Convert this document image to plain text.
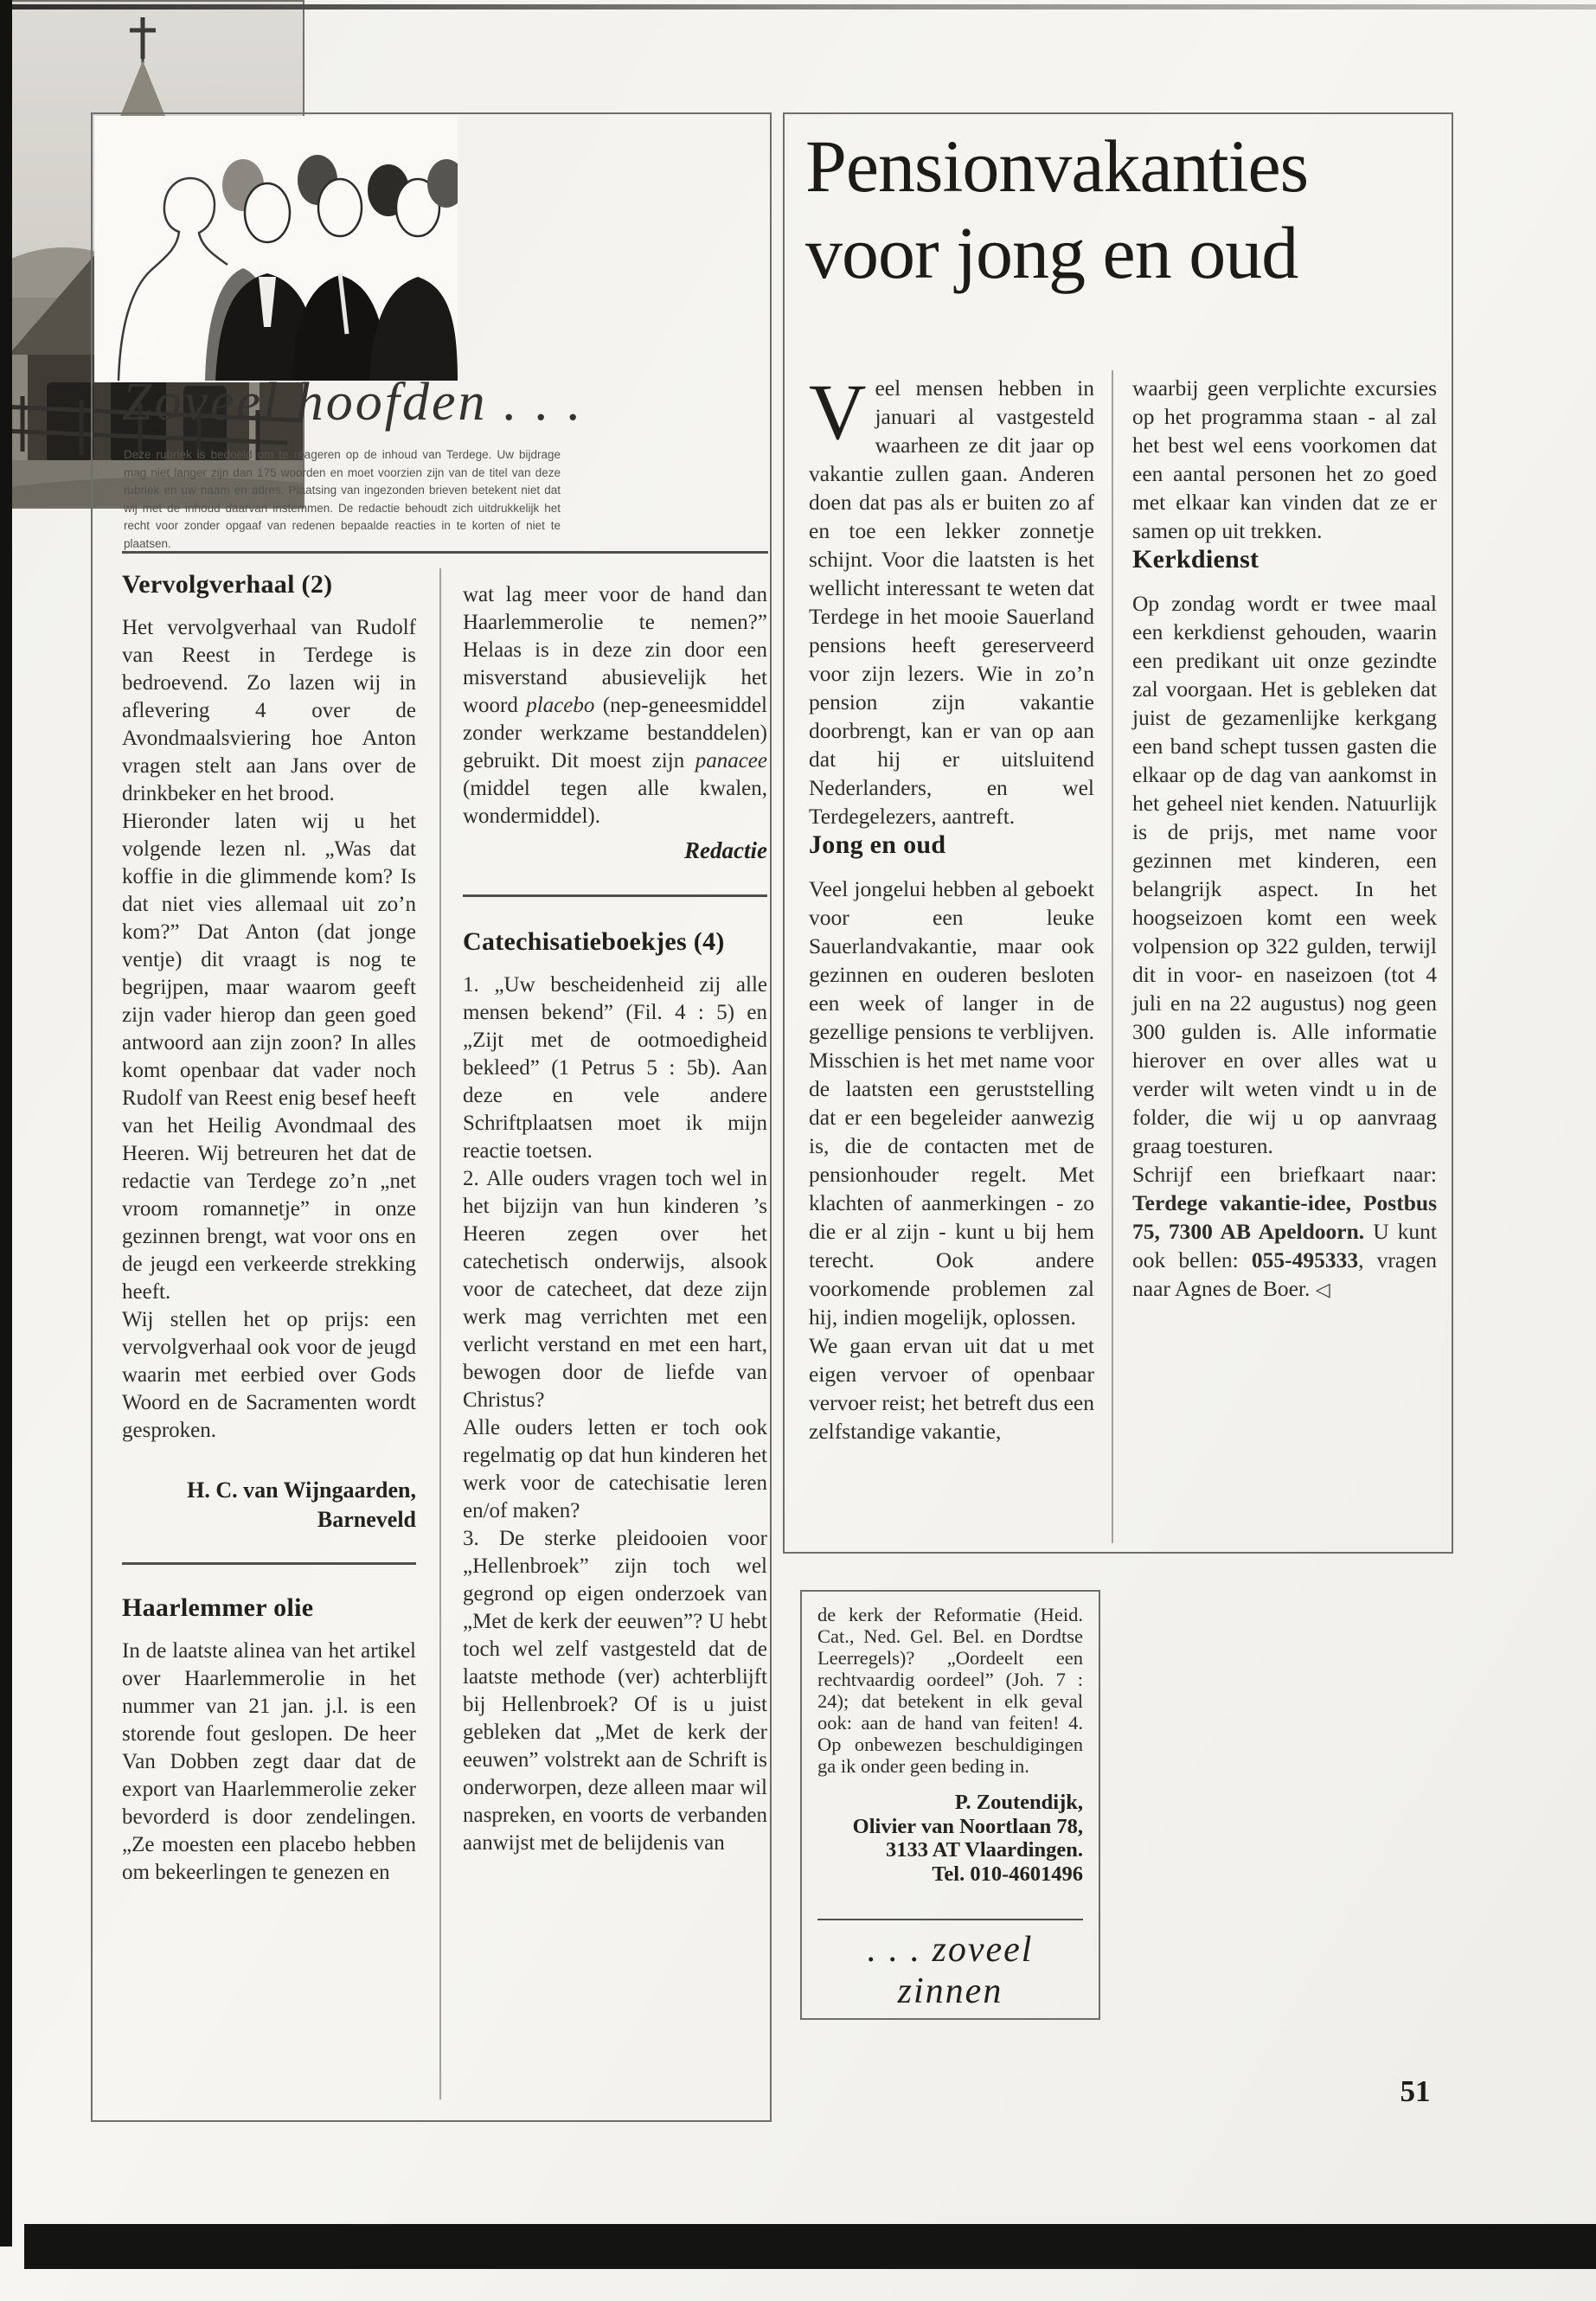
Zoveel hoofden . . .

Deze rubriek is bedoeld om te reageren op de inhoud van Terdege. Uw bijdrage mag niet langer zijn dan 175 woorden en moet voorzien zijn van de titel van deze rubriek en uw naam en adres. Plaatsing van ingezonden brieven betekent niet dat wij met de inhoud daarvan instemmen. De redactie behoudt zich uitdrukkelijk het recht voor zonder opgaaf van redenen bepaalde reacties in te korten of niet te plaatsen.

Vervolgverhaal (2)

Het vervolgverhaal van Rudolf van Reest in Terdege is bedroevend. Zo lazen wij in aflevering 4 over de Avondmaalsviering hoe Anton vragen stelt aan Jans over de drinkbeker en het brood.

Hieronder laten wij u het volgende lezen nl. „Was dat koffie in die glimmende kom? Is dat niet vies allemaal uit zo’n kom?” Dat Anton (dat jonge ventje) dit vraagt is nog te begrijpen, maar waarom geeft zijn vader hierop dan geen goed antwoord aan zijn zoon? In alles komt openbaar dat vader noch Rudolf van Reest enig besef heeft van het Heilig Avondmaal des Heeren. Wij betreuren het dat de redactie van Terdege zo’n „net vroom romannetje” in onze gezinnen brengt, wat voor ons en de jeugd een verkeerde strekking heeft.

Wij stellen het op prijs: een vervolgverhaal ook voor de jeugd waarin met eerbied over Gods Woord en de Sacramenten wordt gesproken.

H. C. van Wijngaarden,
Barneveld
Haarlemmer olie

In de laatste alinea van het artikel over Haarlemmerolie in het nummer van 21 jan. j.l. is een storende fout geslopen. De heer Van Dobben zegt daar dat de export van Haarlemmerolie zeker bevorderd is door zendelingen. „Ze moesten een placebo hebben om bekeerlingen te genezen en

wat lag meer voor de hand dan Haarlemmerolie te nemen?” Helaas is in deze zin door een misverstand abusievelijk het woord placebo (nep-geneesmiddel zonder werkzame bestanddelen) gebruikt. Dit moest zijn panacee (middel tegen alle kwalen, wondermiddel).

Redactie
Catechisatieboekjes (4)

1. „Uw bescheidenheid zij alle mensen bekend” (Fil. 4 : 5) en „Zijt met de ootmoedigheid bekleed” (1 Petrus 5 : 5b). Aan deze en vele andere Schriftplaatsen moet ik mijn reactie toetsen.

2. Alle ouders vragen toch wel in het bijzijn van hun kinderen ’s Heeren zegen over het catechetisch onderwijs, alsook voor de catecheet, dat deze zijn werk mag verrichten met een verlicht verstand en met een hart, bewogen door de liefde van Christus?

Alle ouders letten er toch ook regelmatig op dat hun kinderen het werk voor de catechisatie leren en/of maken?

3. De sterke pleidooien voor „Hellenbroek” zijn toch wel gegrond op eigen onderzoek van „Met de kerk der eeuwen”? U hebt toch wel zelf vastgesteld dat de laatste methode (ver) achterblijft bij Hellenbroek? Of is u juist gebleken dat „Met de kerk der eeuwen” volstrekt aan de Schrift is onderworpen, deze alleen maar wil naspreken, en voorts de verbanden aanwijst met de belijdenis van

Pensionvakanties
voor jong en oud

Veel mensen hebben in januari al vastgesteld waarheen ze dit jaar op vakantie zullen gaan. Anderen doen dat pas als er buiten zo af en toe een lekker zonnetje schijnt. Voor die laatsten is het wellicht interessant te weten dat Terdege in het mooie Sauerland pensions heeft gereserveerd voor zijn lezers. Wie in zo’n pension zijn vakantie doorbrengt, kan er van op aan dat hij er uitsluitend Nederlanders, en wel Terdegelezers, aantreft.

Jong en oud

Veel jongelui hebben al geboekt voor een leuke Sauerlandvakantie, maar ook gezinnen en ouderen besloten een week of langer in de gezellige pensions te verblijven. Misschien is het met name voor de laatsten een geruststelling dat er een begeleider aanwezig is, die de contacten met de pensionhouder regelt. Met klachten of aanmerkingen - zo die er al zijn - kunt u bij hem terecht. Ook andere voorkomende problemen zal hij, indien mogelijk, oplossen.

We gaan ervan uit dat u met eigen vervoer of openbaar vervoer reist; het betreft dus een zelfstandige vakantie,

waarbij geen verplichte excursies op het programma staan - al zal het best wel eens voorkomen dat een aantal personen het zo goed met elkaar kan vinden dat ze er samen op uit trekken.

Kerkdienst

Op zondag wordt er twee maal een kerkdienst gehouden, waarin een predikant uit onze gezindte zal voorgaan. Het is gebleken dat juist de gezamenlijke kerkgang een band schept tussen gasten die elkaar op de dag van aankomst in het geheel niet kenden. Natuurlijk is de prijs, met name voor gezinnen met kinderen, een belangrijk aspect. In het hoogseizoen komt een week volpension op 322 gulden, terwijl dit in voor- en naseizoen (tot 4 juli en na 22 augustus) nog geen 300 gulden is. Alle informatie hierover en over alles wat u verder wilt weten vindt u in de folder, die wij u op aanvraag graag toesturen.

Schrijf een briefkaart naar: Terdege vakantie-idee, Postbus 75, 7300 AB Apeldoorn. U kunt ook bellen: 055-495333, vragen naar Agnes de Boer. ◁

de kerk der Reformatie (Heid. Cat., Ned. Gel. Bel. en Dordtse Leerregels)? „Oordeelt een rechtvaardig oordeel” (Joh. 7 : 24); dat betekent in elk geval ook: aan de hand van feiten! 4. Op onbewezen beschuldigingen ga ik onder geen beding in.

P. Zoutendijk,
Olivier van Noortlaan 78,
3133 AT Vlaardingen.
Tel. 010-4601496
. . . zoveel zinnen
51
